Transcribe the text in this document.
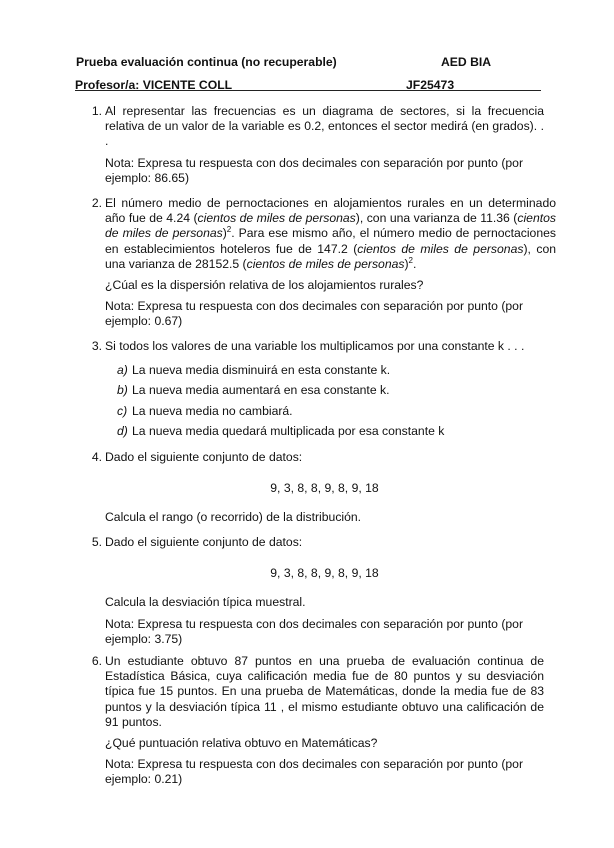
Prueba evaluación continua (no recuperable)	AED BIA
Profesor/a: VICENTE COLL	JF25473
1. Al representar las frecuencias es un diagrama de sectores, si la frecuencia relativa de un valor de la variable es 0.2, entonces el sector medirá (en grados). . .

Nota: Expresa tu respuesta con dos decimales con separación por punto (por ejemplo: 86.65)

2. El número medio de pernoctaciones en alojamientos rurales en un determinado año fue de 4.24 (cientos de miles de personas), con una varianza de 11.36 (cientos de miles de personas)$^2$. Para ese mismo año, el número medio de pernoctaciones en establecimientos hoteleros fue de 147.2 (cientos de miles de personas), con una varianza de 28152.5 (cientos de miles de personas)$^2$.

¿Cúal es la dispersión relativa de los alojamientos rurales?

Nota: Expresa tu respuesta con dos decimales con separación por punto (por ejemplo: 0.67)

3. Si todos los valores de una variable los multiplicamos por una constante k . . .

a) La nueva media disminuirá en esta constante k.
b) La nueva media aumentará en esa constante k.
c) La nueva media no cambiará.
d) La nueva media quedará multiplicada por esa constante k
4. Dado el siguiente conjunto de datos:

9, 3, 8, 8, 9, 8, 9, 18

Calcula el rango (o recorrido) de la distribución.

5. Dado el siguiente conjunto de datos:

9, 3, 8, 8, 9, 8, 9, 18

Calcula la desviación típica muestral.

Nota: Expresa tu respuesta con dos decimales con separación por punto (por ejemplo: 3.75)

6. Un estudiante obtuvo 87 puntos en una prueba de evaluación continua de Estadística Básica, cuya calificación media fue de 80 puntos y su desviación típica fue 15 puntos. En una prueba de Matemáticas, donde la media fue de 83 puntos y la desviación típica 11 , el mismo estudiante obtuvo una calificación de 91 puntos.

¿Qué puntuación relativa obtuvo en Matemáticas?

Nota: Expresa tu respuesta con dos decimales con separación por punto (por ejemplo: 0.21)
